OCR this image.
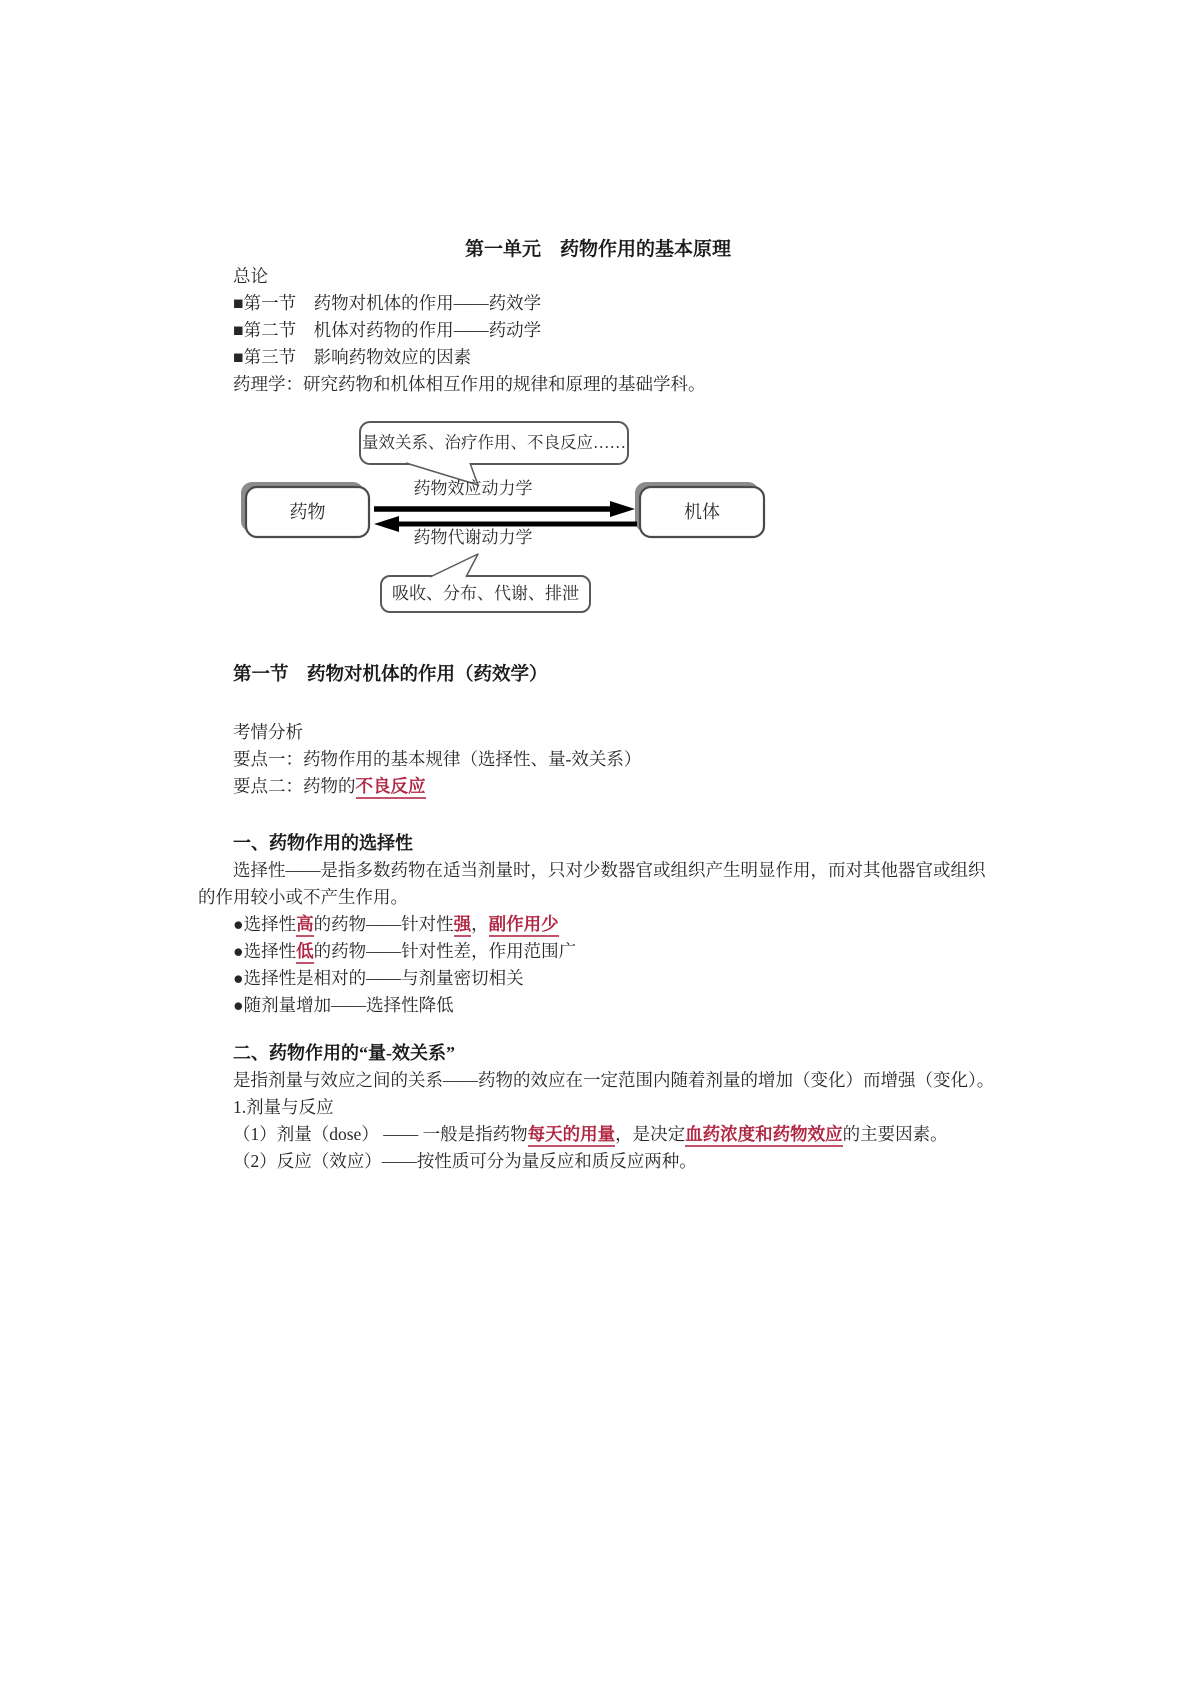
第一单元　药物作用的基本原理

总论

■第一节　药物对机体的作用——药效学

■第二节　机体对药物的作用——药动学

■第三节　影响药物效应的因素

药理学：研究药物和机体相互作用的规律和原理的基础学科。

量效关系、治疗作用、不良反应……
药物效应动力学
药物	机体
药物代谢动力学
吸收、分布、代谢、排泄
第一节　药物对机体的作用（药效学）

考情分析

要点一：药物作用的基本规律（选择性、量-效关系）

要点二：药物的不良反应

一、药物作用的选择性

选择性——是指多数药物在适当剂量时，只对少数器官或组织产生明显作用，而对其他器官或组织的作用较小或不产生作用。

●选择性高的药物——针对性强，副作用少

●选择性低的药物——针对性差，作用范围广

●选择性是相对的——与剂量密切相关

●随剂量增加——选择性降低

二、药物作用的“量-效关系”

是指剂量与效应之间的关系——药物的效应在一定范围内随着剂量的增加（变化）而增强（变化）。

1.剂量与反应

（1）剂量（dose） —— 一般是指药物每天的用量，是决定血药浓度和药物效应的主要因素。

（2）反应（效应）——按性质可分为量反应和质反应两种。
